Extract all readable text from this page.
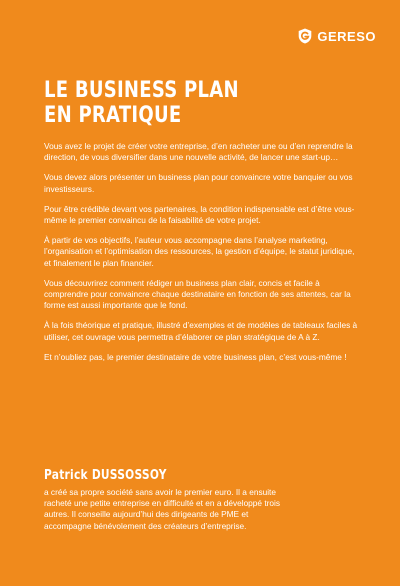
GERESO
LE BUSINESS PLAN
EN PRATIQUE

Vous avez le projet de créer votre entreprise, d’en racheter une ou d’en reprendre la direction, de vous diversifier dans une nouvelle activité, de lancer une start-up…

Vous devez alors présenter un business plan pour convaincre votre banquier ou vos investisseurs.

Pour être crédible devant vos partenaires, la condition indispensable est d’être vous-même le premier convaincu de la faisabilité de votre projet.

À partir de vos objectifs, l’auteur vous accompagne dans l’analyse marketing, l’organisation et l’optimisation des ressources, la gestion d’équipe, le statut juridique, et finalement le plan financier.

Vous découvrirez comment rédiger un business plan clair, concis et facile à comprendre pour convaincre chaque destinataire en fonction de ses attentes, car la forme est aussi importante que le fond.

À la fois théorique et pratique, illustré d’exemples et de modèles de tableaux faciles à utiliser, cet ouvrage vous permettra d’élaborer ce plan stratégique de A à Z.

Et n’oubliez pas, le premier destinataire de votre business plan, c’est vous-même !

Patrick DUSSOSSOY

a créé sa propre société sans avoir le premier euro. Il a ensuite racheté une petite entreprise en difficulté et en a développé trois autres. Il conseille aujourd’hui des dirigeants de PME et accompagne bénévolement des créateurs d’entreprise.
